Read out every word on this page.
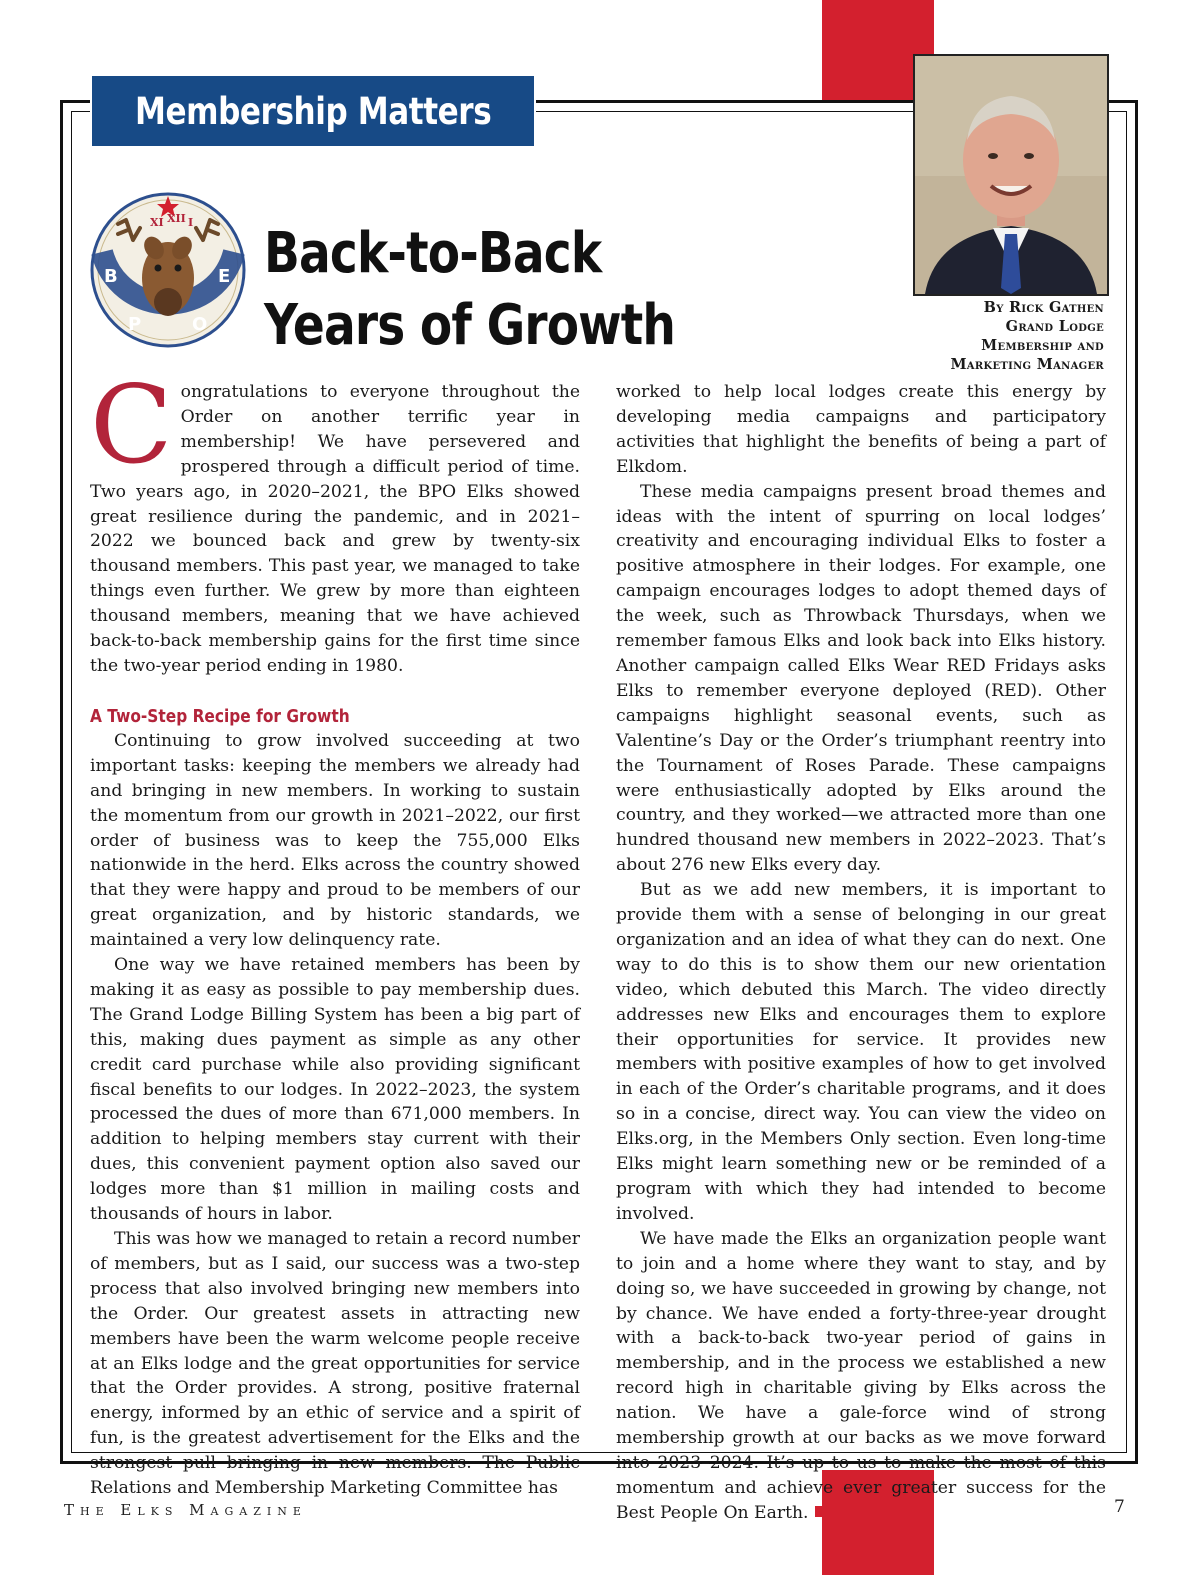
Membership Matters
XI XII I
B
P	O
E Back-to-Back
Years of Growth	By Rick Gathen
Grand Lodge
Membership and
Marketing Manager

Congratulations to everyone throughout the Order on another terrific year in membership! We have persevered and prospered through a difficult period of time. Two years ago, in 2020–2021, the BPO Elks showed great resilience during the pandemic, and in 2021–2022 we bounced back and grew by twenty-six thousand members. This past year, we managed to take things even further. We grew by more than eighteen thousand members, meaning that we have achieved back-to-back membership gains for the first time since the two-year period ending in 1980.

A Two-Step Recipe for Growth

Continuing to grow involved succeeding at two important tasks: keeping the members we already had and bringing in new members. In working to sustain the momentum from our growth in 2021–2022, our first order of business was to keep the 755,000 Elks nationwide in the herd. Elks across the country showed that they were happy and proud to be members of our great organization, and by historic standards, we maintained a very low delinquency rate.

One way we have retained members has been by making it as easy as possible to pay membership dues. The Grand Lodge Billing System has been a big part of this, making dues payment as simple as any other credit card purchase while also providing significant fiscal benefits to our lodges. In 2022–2023, the system processed the dues of more than 671,000 members. In addition to helping members stay current with their dues, this convenient payment option also saved our lodges more than $1 million in mailing costs and thousands of hours in labor.

This was how we managed to retain a record number of members, but as I said, our success was a two-step process that also involved bringing new members into the Order. Our greatest assets in attracting new members have been the warm welcome people receive at an Elks lodge and the great opportunities for service that the Order provides. A strong, positive fraternal energy, informed by an ethic of service and a spirit of fun, is the greatest advertisement for the Elks and the strongest pull bringing in new members. The Public Relations and Membership Marketing Committee has

worked to help local lodges create this energy by developing media campaigns and participatory activities that highlight the benefits of being a part of Elkdom.

These media campaigns present broad themes and ideas with the intent of spurring on local lodges’ creativity and encouraging individual Elks to foster a positive atmosphere in their lodges. For example, one campaign encourages lodges to adopt themed days of the week, such as Throwback Thursdays, when we remember famous Elks and look back into Elks history. Another campaign called Elks Wear RED Fridays asks Elks to remember everyone deployed (RED). Other campaigns highlight seasonal events, such as Valentine’s Day or the Order’s triumphant reentry into the Tournament of Roses Parade. These campaigns were enthusiastically adopted by Elks around the country, and they worked—we attracted more than one hundred thousand new members in 2022–2023. That’s about 276 new Elks every day.

But as we add new members, it is important to provide them with a sense of belonging in our great organization and an idea of what they can do next. One way to do this is to show them our new orientation video, which debuted this March. The video directly addresses new Elks and encourages them to explore their opportunities for service. It provides new members with positive examples of how to get involved in each of the Order’s charitable programs, and it does so in a concise, direct way. You can view the video on Elks.org, in the Members Only section. Even long-time Elks might learn something new or be reminded of a program with which they had intended to become involved.

We have made the Elks an organization people want to join and a home where they want to stay, and by doing so, we have succeeded in growing by change, not by chance. We have ended a forty-three-year drought with a back-to-back two-year period of gains in membership, and in the process we established a new record high in charitable giving by Elks across the nation. We have a gale-force wind of strong membership growth at our backs as we move forward into 2023–2024. It’s up to us to make the most of this momentum and achieve ever greater success for the Best People On Earth.

The Elks Magazine	7
